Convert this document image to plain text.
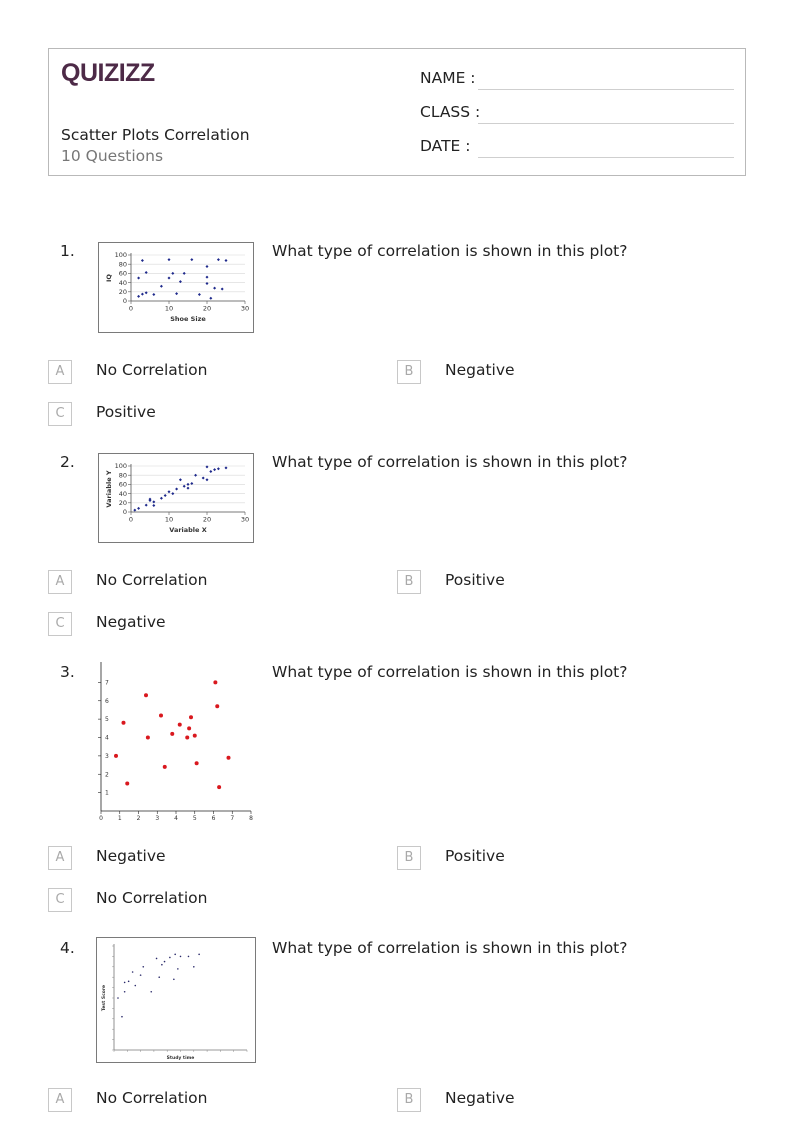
QUIZIZZ
Scatter Plots Correlation
10 Questions
NAME :
CLASS :
DATE :
1.
0	10	20	30
0
20
40
60
80
100
Shoe Size
IQ
What type of correlation is shown in this plot?
A	No Correlation	B	Negative
C	Positive
2.
0	10	20	30
0
20
40
60
80
100
Variable X
Variable Y
What type of correlation is shown in this plot?
A	No Correlation	B	Positive
C	Negative
3.
0 1 2 3 4 5 6 7 8
1
2
3
4
5
6
7
What type of correlation is shown in this plot?
A	Negative	B	Positive
C	No Correlation
4.
Study time
Test Score
What type of correlation is shown in this plot?
A	No Correlation	B	Negative
